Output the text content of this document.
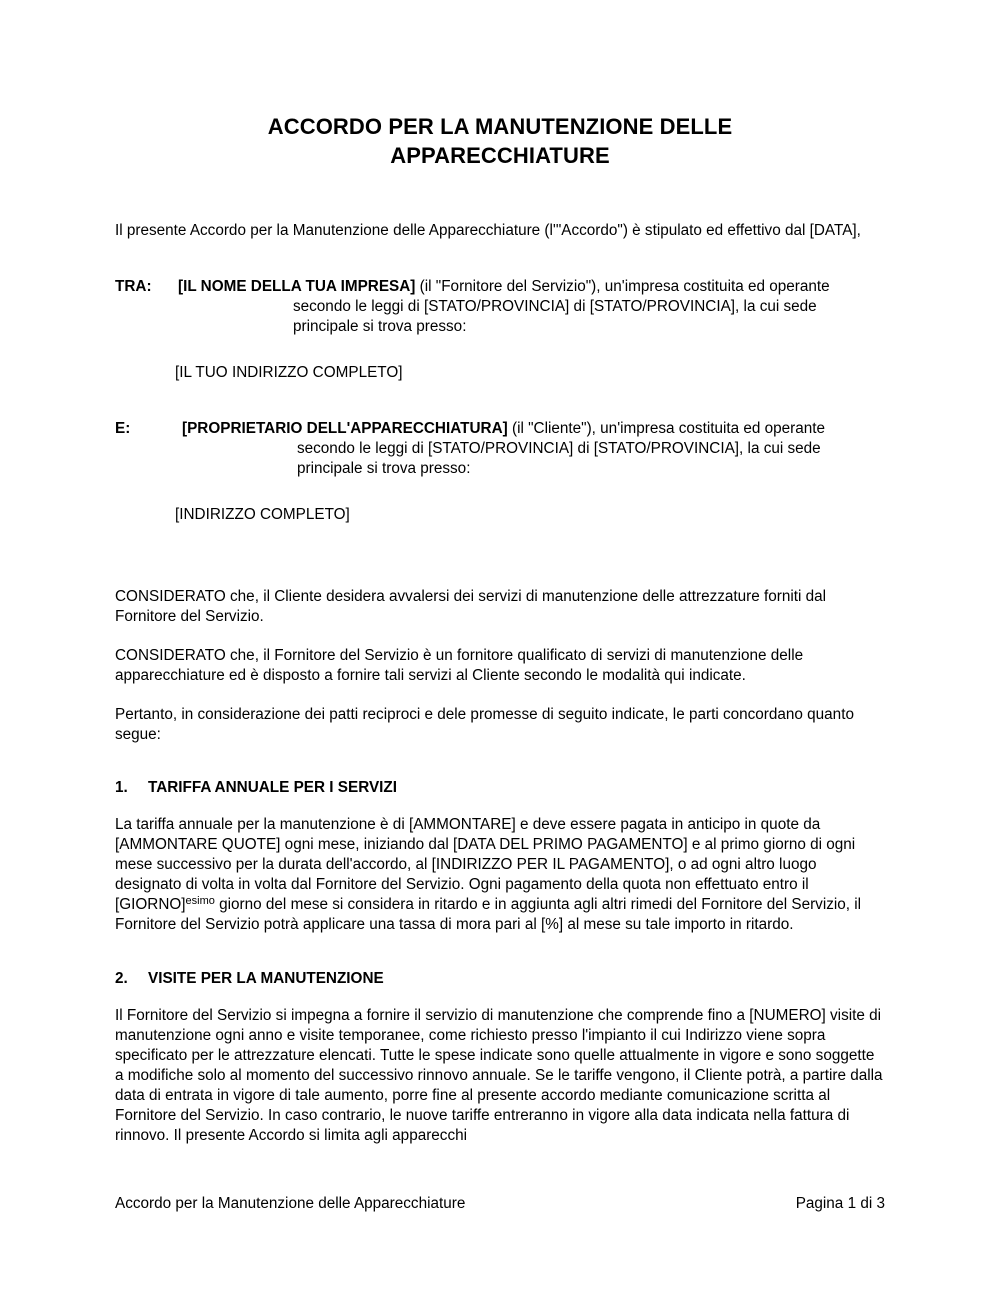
ACCORDO PER LA MANUTENZIONE DELLE
APPARECCHIATURE

Il presente Accordo per la Manutenzione delle Apparecchiature (l'"Accordo") è stipulato ed effettivo dal [DATA],

TRA: [IL NOME DELLA TUA IMPRESA] (il "Fornitore del Servizio"), un'impresa costituita ed operante secondo le leggi di [STATO/PROVINCIA] di [STATO/PROVINCIA], la cui sede principale si trova presso:
[IL TUO INDIRIZZO COMPLETO]
E:	[PROPRIETARIO DELL'APPARECCHIATURA] (il "Cliente"), un'impresa costituita ed operante secondo le leggi di [STATO/PROVINCIA] di [STATO/PROVINCIA], la cui sede principale si trova presso:
[INDIRIZZO COMPLETO]

CONSIDERATO che, il Cliente desidera avvalersi dei servizi di manutenzione delle attrezzature forniti dal Fornitore del Servizio.

CONSIDERATO che, il Fornitore del Servizio è un fornitore qualificato di servizi di manutenzione delle apparecchiature ed è disposto a fornire tali servizi al Cliente secondo le modalità qui indicate.

Pertanto, in considerazione dei patti reciproci e dele promesse di seguito indicate, le parti concordano quanto segue:

1. TARIFFA ANNUALE PER I SERVIZI

La tariffa annuale per la manutenzione è di [AMMONTARE] e deve essere pagata in anticipo in quote da [AMMONTARE QUOTE] ogni mese, iniziando dal [DATA DEL PRIMO PAGAMENTO] e al primo giorno di ogni mese successivo per la durata dell'accordo, al [INDIRIZZO PER IL PAGAMENTO], o ad ogni altro luogo designato di volta in volta dal Fornitore del Servizio. Ogni pagamento della quota non effettuato entro il [GIORNO]$^{esimo}$ giorno del mese si considera in ritardo e in aggiunta agli altri rimedi del Fornitore del Servizio, il Fornitore del Servizio potrà applicare una tassa di mora pari al [%] al mese su tale importo in ritardo.

2. VISITE PER LA MANUTENZIONE

Il Fornitore del Servizio si impegna a fornire il servizio di manutenzione che comprende fino a [NUMERO] visite di manutenzione ogni anno e visite temporanee, come richiesto presso l'impianto il cui Indirizzo viene sopra specificato per le attrezzature elencati. Tutte le spese indicate sono quelle attualmente in vigore e sono soggette a modifiche solo al momento del successivo rinnovo annuale. Se le tariffe vengono, il Cliente potrà, a partire dalla data di entrata in vigore di tale aumento, porre fine al presente accordo mediante comunicazione scritta al Fornitore del Servizio. In caso contrario, le nuove tariffe entreranno in vigore alla data indicata nella fattura di rinnovo. Il presente Accordo si limita agli apparecchi

Accordo per la Manutenzione delle Apparecchiature	Pagina 1 di 3
